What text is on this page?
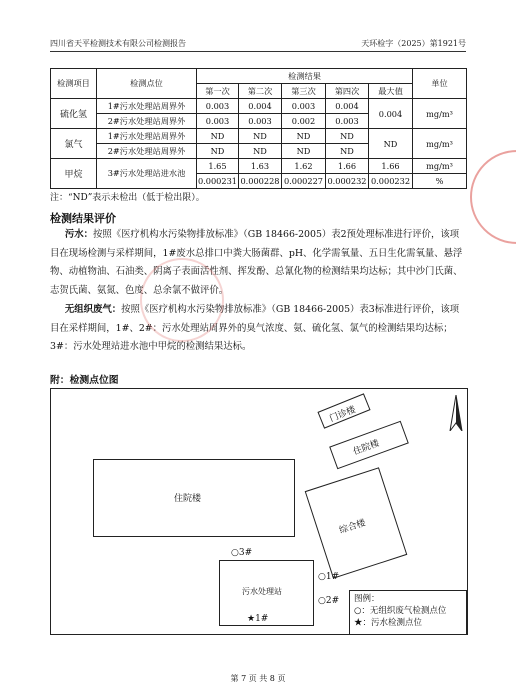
四川省天平检测技术有限公司检测报告	天环检字（2025）第1921号
检测项目	检测点位	检测结果					单位
		第一次	第二次	第三次	第四次	最大值	
硫化氢	1#污水处理站周界外	0.003	0.004	0.003	0.004	0.004	mg/m³
	2#污水处理站周界外	0.003	0.003	0.002	0.003		
氯气	1#污水处理站周界外	ND	ND	ND	ND	ND	mg/m³
	2#污水处理站周界外	ND	ND	ND	ND		
甲烷	3#污水处理站进水池	1.65	1.63	1.62	1.66	1.66	mg/m³
		0.000231	0.000228	0.000227	0.000232	0.000232	%
注：“ND”表示未检出（低于检出限）。
检测结果评价
污水：按照《医疗机构水污染物排放标准》（GB 18466-2005）表2预处理标准进行评价，该项目在现场检测与采样期间，1#废水总排口中粪大肠菌群、pH、化学需氧量、五日生化需氧量、悬浮物、动植物油、石油类、阴离子表面活性剂、挥发酚、总氰化物的检测结果均达标；其中沙门氏菌、志贺氏菌、氨氮、色度、总余氯不做评价。
无组织废气：按照《医疗机构水污染物排放标准》（GB 18466-2005）表3标准进行评价，该项目在采样期间，1#、2#：污水处理站周界外的臭气浓度、氨、硫化氢、氯气的检测结果均达标；3#：污水处理站进水池中甲烷的检测结果达标。
附：检测点位图
门诊楼
住院楼
住院楼
综合楼
污水处理站
○3#
○1#
○2#
★1#
图例：
○：无组织废气检测点位
★：污水检测点位
第 7 页 共 8 页
